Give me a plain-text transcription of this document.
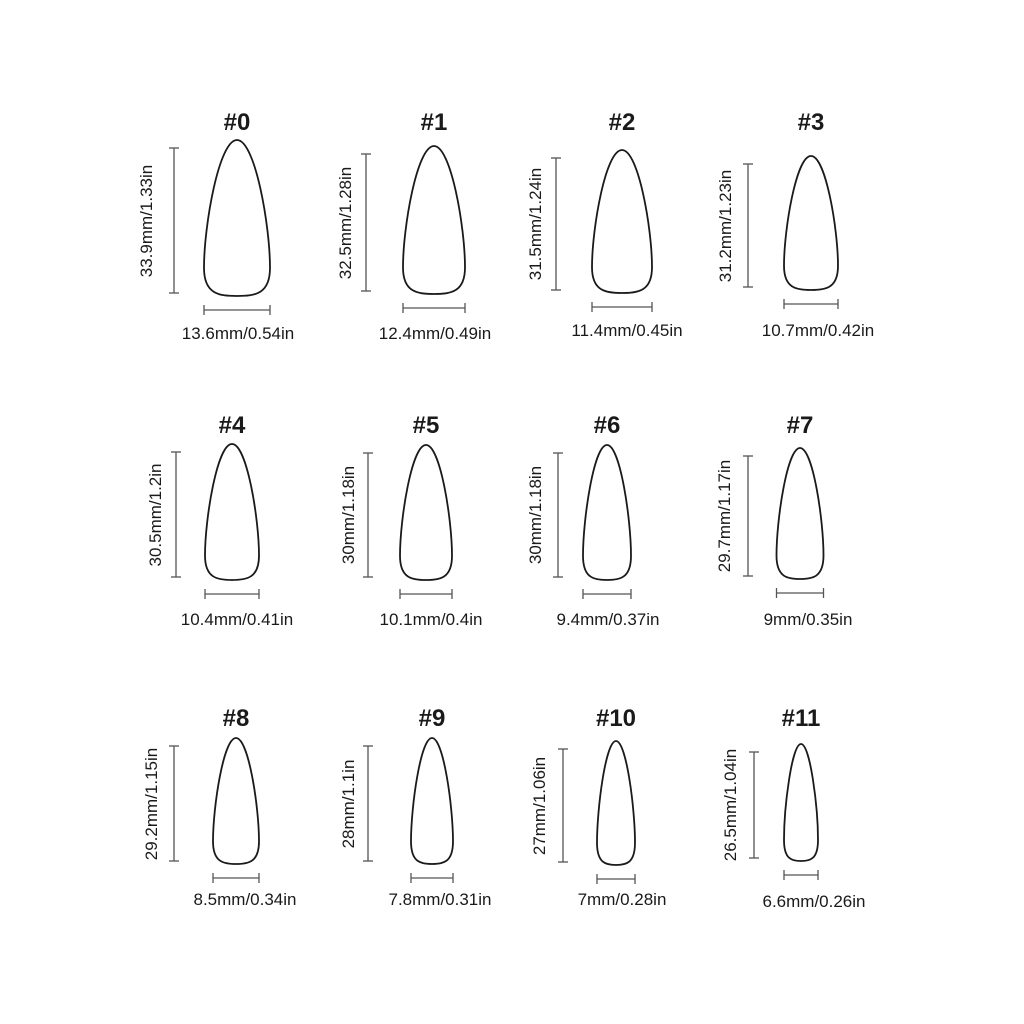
#0
13.6mm/0.54in
33.9mm/1.33in
#1
12.4mm/0.49in
32.5mm/1.28in
#2
11.4mm/0.45in
31.5mm/1.24in
#3
10.7mm/0.42in
31.2mm/1.23in
#4
10.4mm/0.41in
30.5mm/1.2in
#5
10.1mm/0.4in
30mm/1.18in
#6
9.4mm/0.37in
30mm/1.18in
#7
9mm/0.35in
29.7mm/1.17in
#8
8.5mm/0.34in
29.2mm/1.15in
#9
7.8mm/0.31in
28mm/1.1in
#10
7mm/0.28in
27mm/1.06in
#11
6.6mm/0.26in
26.5mm/1.04in
